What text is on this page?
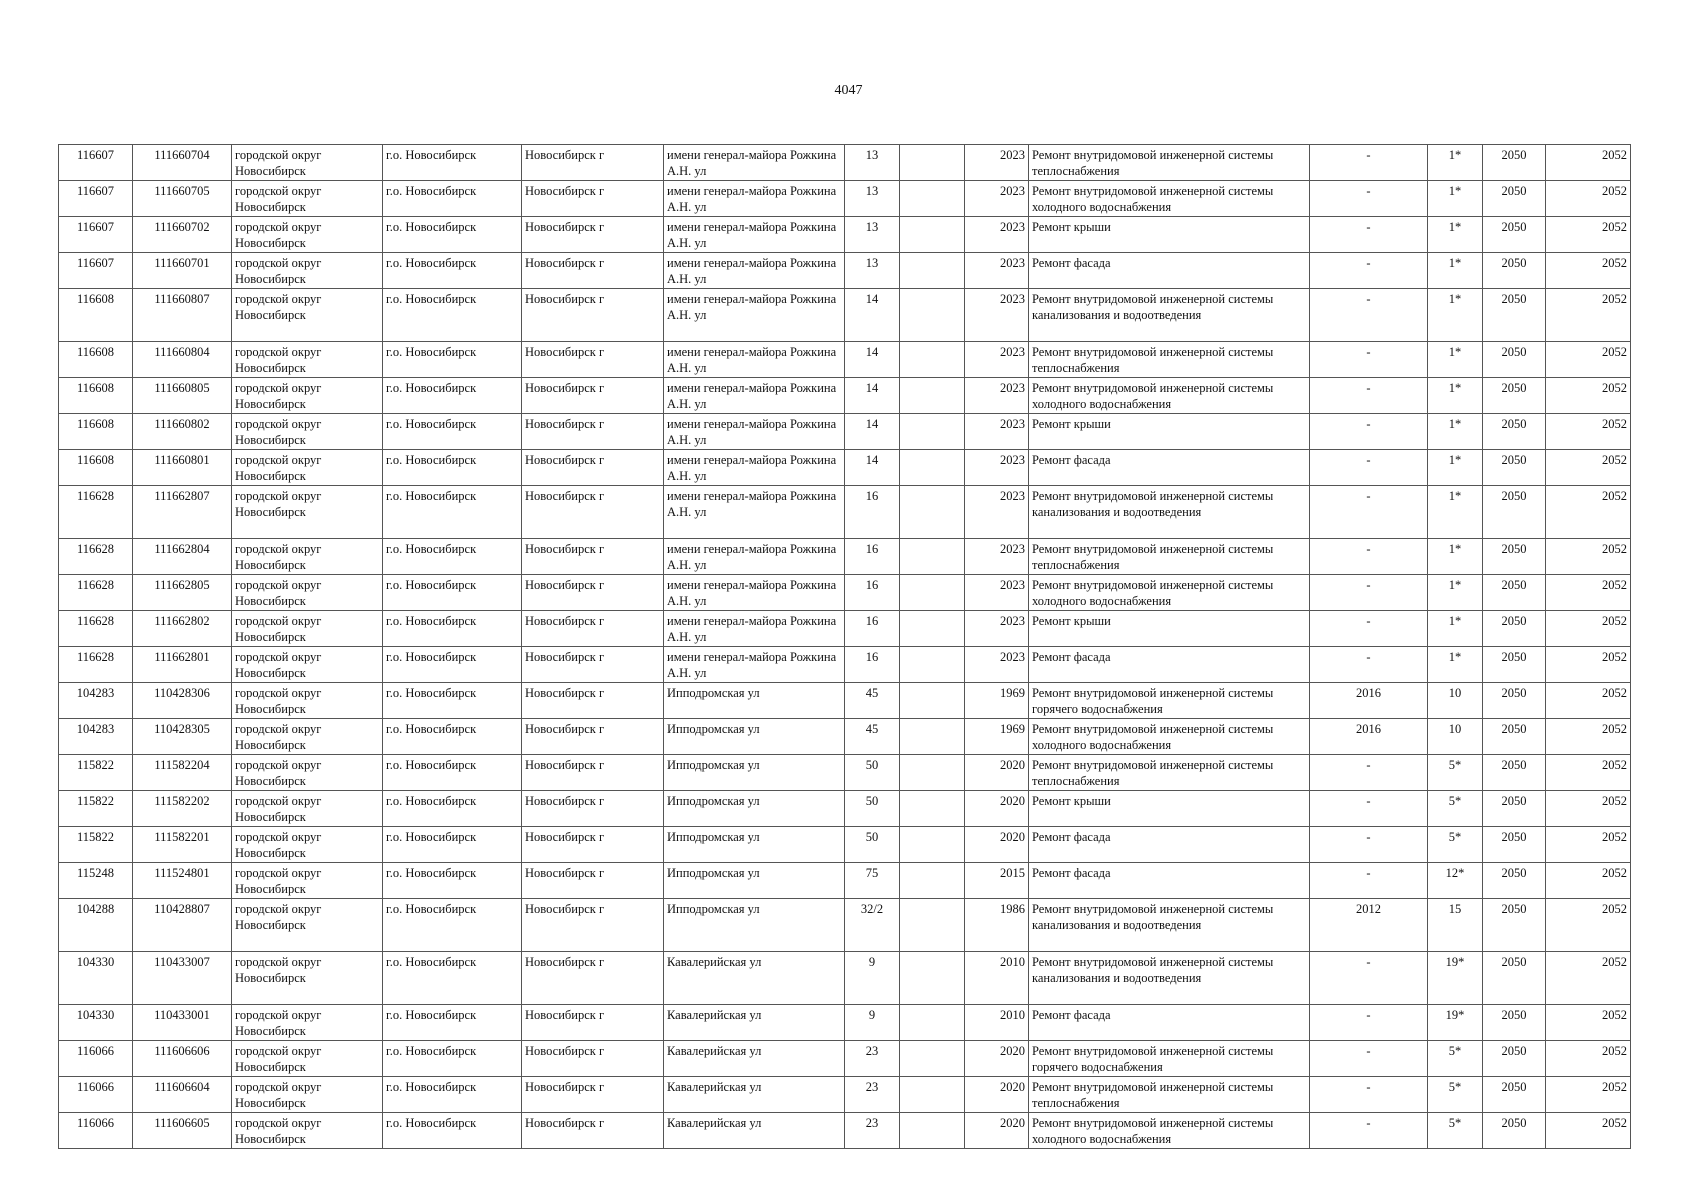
4047
116607	111660704	городской округ Новосибирск	г.о. Новосибирск	Новосибирск г	имени генерал-майора Рожкина А.Н. ул	13		2023	Ремонт внутридомовой инженерной системы теплоснабжения	-	1*	2050	2052
116607	111660705	городской округ Новосибирск	г.о. Новосибирск	Новосибирск г	имени генерал-майора Рожкина А.Н. ул	13		2023	Ремонт внутридомовой инженерной системы холодного водоснабжения	-	1*	2050	2052
116607	111660702	городской округ Новосибирск	г.о. Новосибирск	Новосибирск г	имени генерал-майора Рожкина А.Н. ул	13		2023	Ремонт крыши	-	1*	2050	2052
116607	111660701	городской округ Новосибирск	г.о. Новосибирск	Новосибирск г	имени генерал-майора Рожкина А.Н. ул	13		2023	Ремонт фасада	-	1*	2050	2052
116608	111660807	городской округ Новосибирск	г.о. Новосибирск	Новосибирск г	имени генерал-майора Рожкина А.Н. ул	14		2023	Ремонт внутридомовой инженерной системы канализования и водоотведения	-	1*	2050	2052
116608	111660804	городской округ Новосибирск	г.о. Новосибирск	Новосибирск г	имени генерал-майора Рожкина А.Н. ул	14		2023	Ремонт внутридомовой инженерной системы теплоснабжения	-	1*	2050	2052
116608	111660805	городской округ Новосибирск	г.о. Новосибирск	Новосибирск г	имени генерал-майора Рожкина А.Н. ул	14		2023	Ремонт внутридомовой инженерной системы холодного водоснабжения	-	1*	2050	2052
116608	111660802	городской округ Новосибирск	г.о. Новосибирск	Новосибирск г	имени генерал-майора Рожкина А.Н. ул	14		2023	Ремонт крыши	-	1*	2050	2052
116608	111660801	городской округ Новосибирск	г.о. Новосибирск	Новосибирск г	имени генерал-майора Рожкина А.Н. ул	14		2023	Ремонт фасада	-	1*	2050	2052
116628	111662807	городской округ Новосибирск	г.о. Новосибирск	Новосибирск г	имени генерал-майора Рожкина А.Н. ул	16		2023	Ремонт внутридомовой инженерной системы канализования и водоотведения	-	1*	2050	2052
116628	111662804	городской округ Новосибирск	г.о. Новосибирск	Новосибирск г	имени генерал-майора Рожкина А.Н. ул	16		2023	Ремонт внутридомовой инженерной системы теплоснабжения	-	1*	2050	2052
116628	111662805	городской округ Новосибирск	г.о. Новосибирск	Новосибирск г	имени генерал-майора Рожкина А.Н. ул	16		2023	Ремонт внутридомовой инженерной системы холодного водоснабжения	-	1*	2050	2052
116628	111662802	городской округ Новосибирск	г.о. Новосибирск	Новосибирск г	имени генерал-майора Рожкина А.Н. ул	16		2023	Ремонт крыши	-	1*	2050	2052
116628	111662801	городской округ Новосибирск	г.о. Новосибирск	Новосибирск г	имени генерал-майора Рожкина А.Н. ул	16		2023	Ремонт фасада	-	1*	2050	2052
104283	110428306	городской округ Новосибирск	г.о. Новосибирск	Новосибирск г	Ипподромская ул	45		1969	Ремонт внутридомовой инженерной системы горячего водоснабжения	2016	10	2050	2052
104283	110428305	городской округ Новосибирск	г.о. Новосибирск	Новосибирск г	Ипподромская ул	45		1969	Ремонт внутридомовой инженерной системы холодного водоснабжения	2016	10	2050	2052
115822	111582204	городской округ Новосибирск	г.о. Новосибирск	Новосибирск г	Ипподромская ул	50		2020	Ремонт внутридомовой инженерной системы теплоснабжения	-	5*	2050	2052
115822	111582202	городской округ Новосибирск	г.о. Новосибирск	Новосибирск г	Ипподромская ул	50		2020	Ремонт крыши	-	5*	2050	2052
115822	111582201	городской округ Новосибирск	г.о. Новосибирск	Новосибирск г	Ипподромская ул	50		2020	Ремонт фасада	-	5*	2050	2052
115248	111524801	городской округ Новосибирск	г.о. Новосибирск	Новосибирск г	Ипподромская ул	75		2015	Ремонт фасада	-	12*	2050	2052
104288	110428807	городской округ Новосибирск	г.о. Новосибирск	Новосибирск г	Ипподромская ул	32/2		1986	Ремонт внутридомовой инженерной системы канализования и водоотведения	2012	15	2050	2052
104330	110433007	городской округ Новосибирск	г.о. Новосибирск	Новосибирск г	Кавалерийская ул	9		2010	Ремонт внутридомовой инженерной системы канализования и водоотведения	-	19*	2050	2052
104330	110433001	городской округ Новосибирск	г.о. Новосибирск	Новосибирск г	Кавалерийская ул	9		2010	Ремонт фасада	-	19*	2050	2052
116066	111606606	городской округ Новосибирск	г.о. Новосибирск	Новосибирск г	Кавалерийская ул	23		2020	Ремонт внутридомовой инженерной системы горячего водоснабжения	-	5*	2050	2052
116066	111606604	городской округ Новосибирск	г.о. Новосибирск	Новосибирск г	Кавалерийская ул	23		2020	Ремонт внутридомовой инженерной системы теплоснабжения	-	5*	2050	2052
116066	111606605	городской округ Новосибирск	г.о. Новосибирск	Новосибирск г	Кавалерийская ул	23		2020	Ремонт внутридомовой инженерной системы холодного водоснабжения	-	5*	2050	2052
